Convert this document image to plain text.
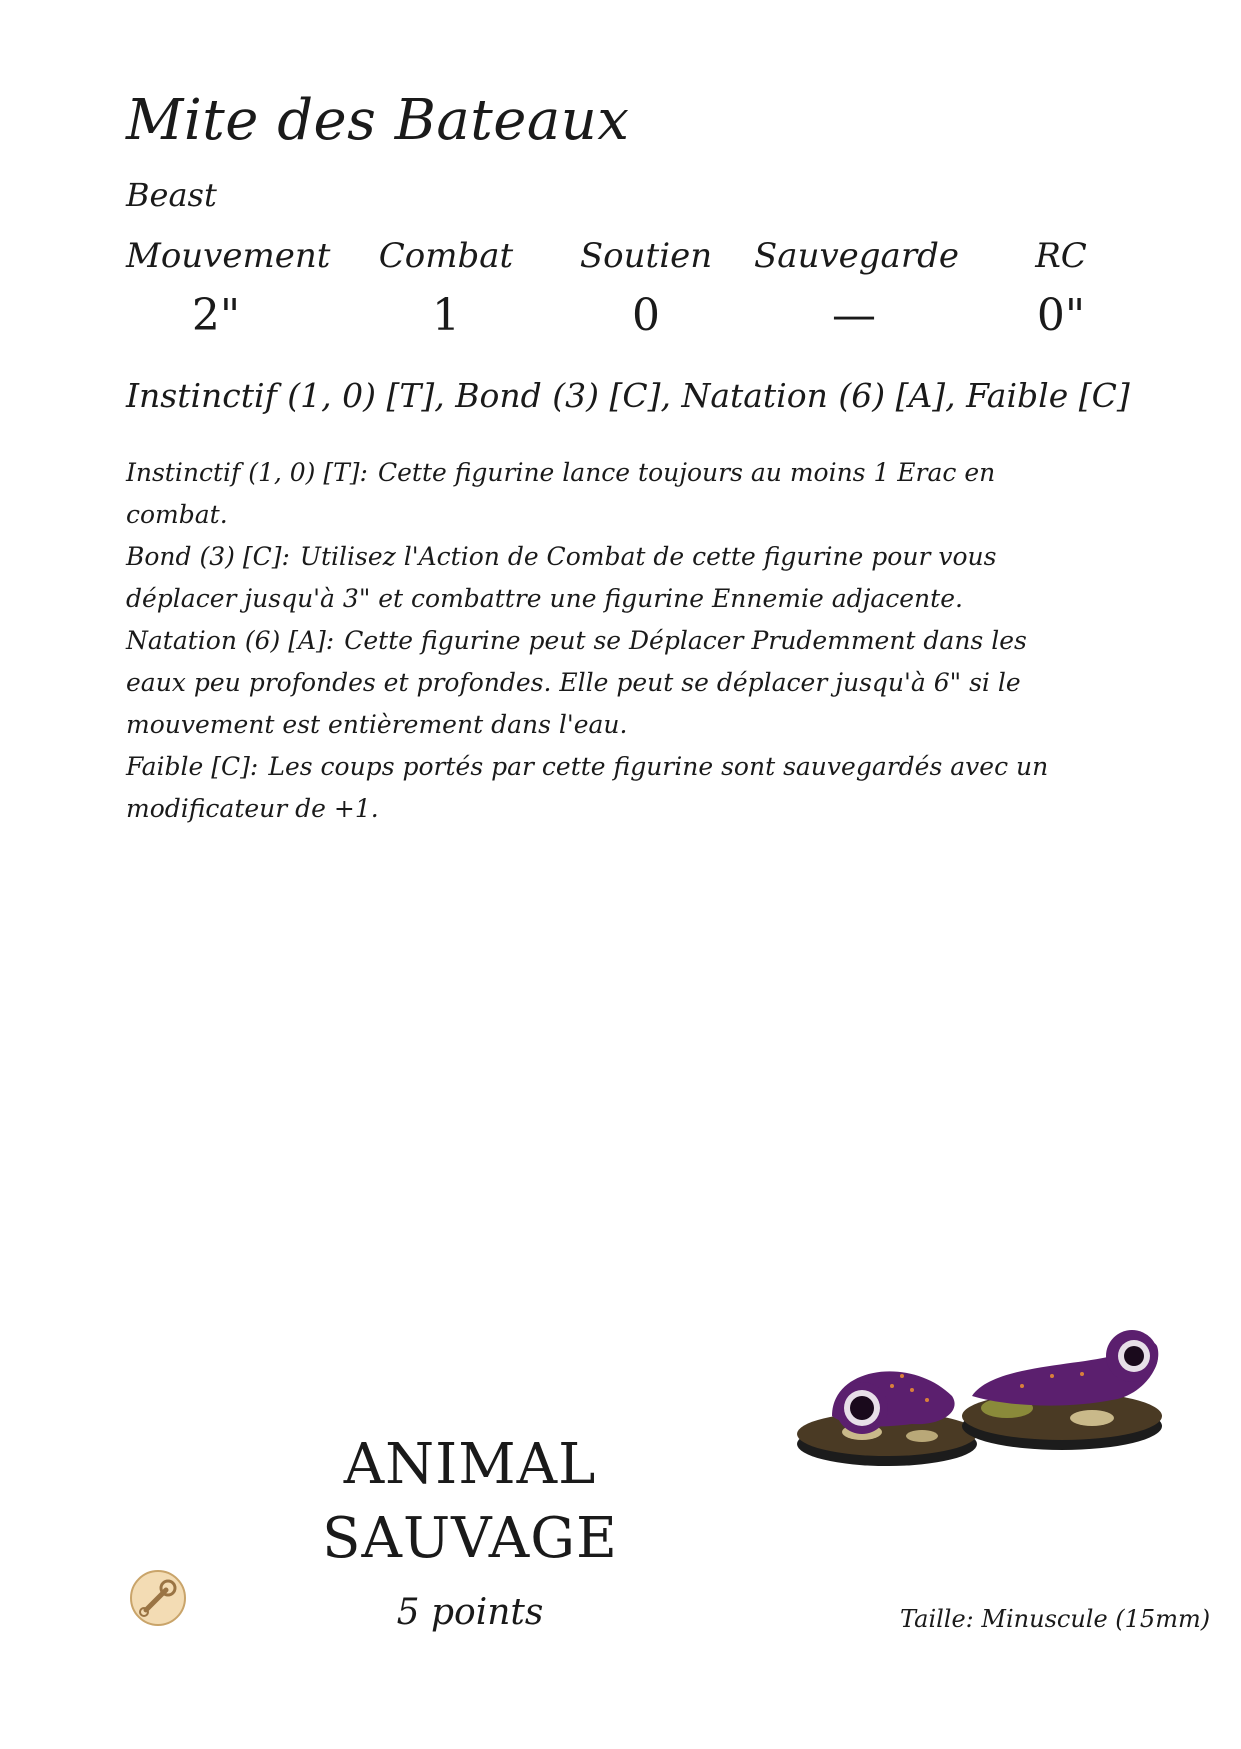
Mite des Bateaux
Beast
Mouvement
2"
Combat
1
Soutien
0
Sauvegarde
—
RC
0"
Instinctif (1, 0) [T], Bond (3) [C], Natation (6) [A], Faible [C]

Instinctif (1, 0) [T]: Cette figurine lance toujours au moins 1 Erac en combat.

Bond (3) [C]: Utilisez l'Action de Combat de cette figurine pour vous déplacer jusqu'à 3" et combattre une figurine Ennemie adjacente.

Natation (6) [A]: Cette figurine peut se Déplacer Prudemment dans les eaux peu profondes et profondes. Elle peut se déplacer jusqu'à 6" si le mouvement est entièrement dans l'eau.

Faible [C]: Les coups portés par cette figurine sont sauvegardés avec un modificateur de +1.

ANIMAL
SAUVAGE
5 points	Taille: Minuscule (15mm)
